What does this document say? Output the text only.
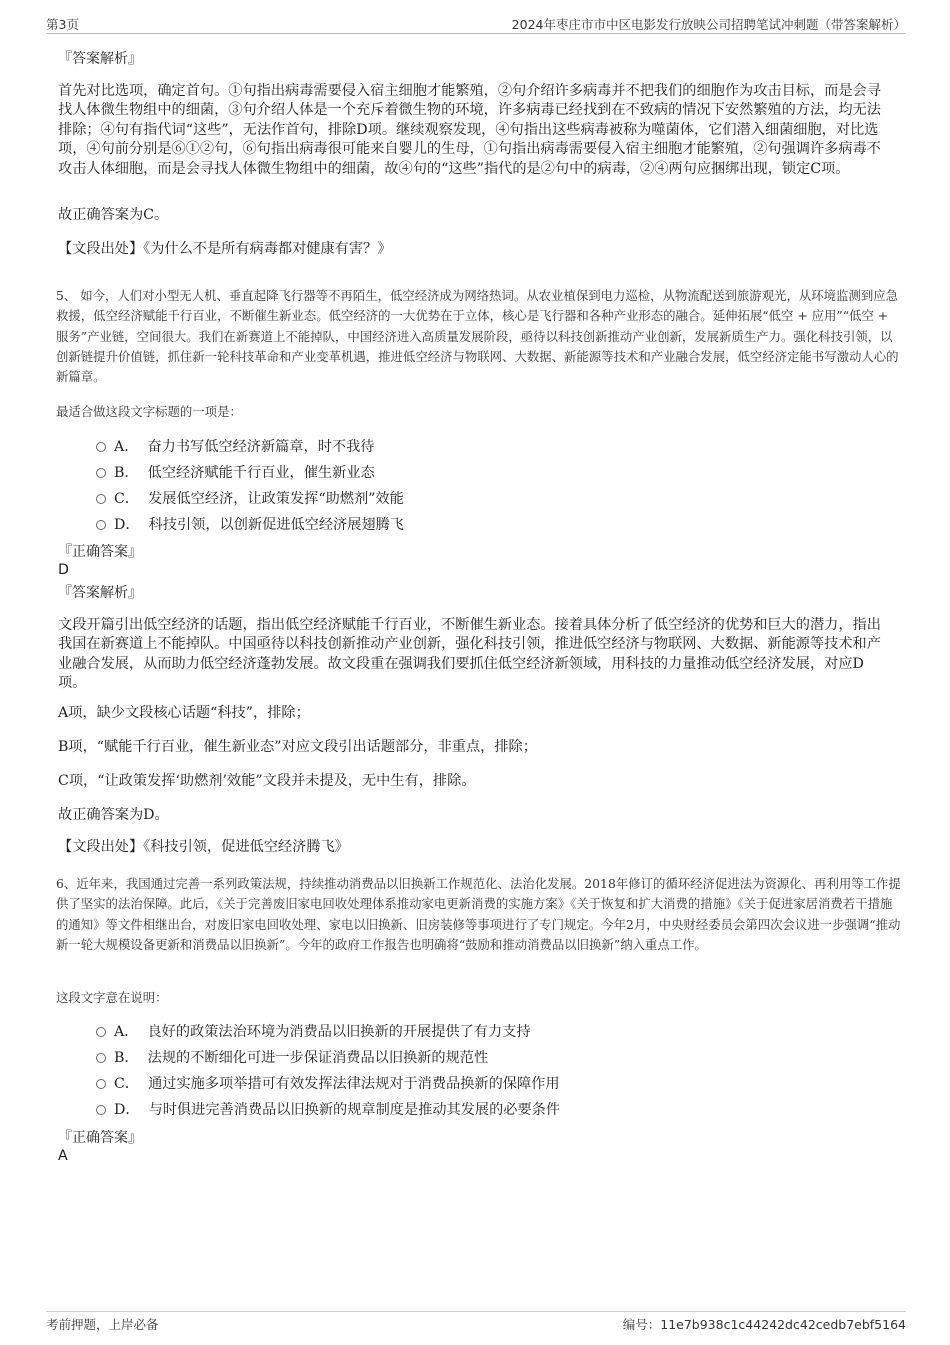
第3页	2024年枣庄市市中区电影发行放映公司招聘笔试冲刺题（带答案解析）
『答案解析』
首先对比选项，确定首句。①句指出病毒需要侵入宿主细胞才能繁殖，②句介绍许多病毒并不把我们的细胞作为攻击目标，而是会寻找人体微生物组中的细菌，③句介绍人体是一个充斥着微生物的环境，许多病毒已经找到在不致病的情况下安然繁殖的方法，均无法排除；④句有指代词“这些”，无法作首句，排除D项。继续观察发现，④句指出这些病毒被称为噬菌体，它们潜入细菌细胞，对比选项，④句前分别是⑥①②句，⑥句指出病毒很可能来自婴儿的生母，①句指出病毒需要侵入宿主细胞才能繁殖，②句强调许多病毒不攻击人体细胞，而是会寻找人体微生物组中的细菌，故④句的“这些”指代的是②句中的病毒，②④两句应捆绑出现，锁定C项。
故正确答案为C。
【文段出处】《为什么不是所有病毒都对健康有害？》
5、 如今，人们对小型无人机、垂直起降飞行器等不再陌生，低空经济成为网络热词。从农业植保到电力巡检，从物流配送到旅游观光，从环境监测到应急救援，低空经济赋能千行百业，不断催生新业态。低空经济的一大优势在于立体，核心是飞行器和各种产业形态的融合。延伸拓展“低空 + 应用”“低空 + 服务”产业链，空间很大。我们在新赛道上不能掉队，中国经济进入高质量发展阶段，亟待以科技创新推动产业创新，发展新质生产力。强化科技引领，以创新链提升价值链，抓住新一轮科技革命和产业变革机遇，推进低空经济与物联网、大数据、新能源等技术和产业融合发展，低空经济定能书写激动人心的新篇章。
最适合做这段文字标题的一项是：
A． 奋力书写低空经济新篇章，时不我待
B． 低空经济赋能千行百业，催生新业态
C． 发展低空经济，让政策发挥“助燃剂”效能
D． 科技引领，以创新促进低空经济展翅腾飞
『正确答案』
D
『答案解析』
文段开篇引出低空经济的话题，指出低空经济赋能千行百业，不断催生新业态。接着具体分析了低空经济的优势和巨大的潜力，指出我国在新赛道上不能掉队。中国亟待以科技创新推动产业创新，强化科技引领，推进低空经济与物联网、大数据、新能源等技术和产业融合发展，从而助力低空经济蓬勃发展。故文段重在强调我们要抓住低空经济新领域，用科技的力量推动低空经济发展，对应D项。
A项，缺少文段核心话题“科技”，排除；
B项，“赋能千行百业，催生新业态”对应文段引出话题部分，非重点，排除；
C项，“让政策发挥‘助燃剂’效能”文段并未提及，无中生有，排除。
故正确答案为D。
【文段出处】《科技引领，促进低空经济腾飞》
6、近年来，我国通过完善一系列政策法规，持续推动消费品以旧换新工作规范化、法治化发展。2018年修订的循环经济促进法为资源化、再利用等工作提供了坚实的法治保障。此后，《关于完善废旧家电回收处理体系推动家电更新消费的实施方案》《关于恢复和扩大消费的措施》《关于促进家居消费若干措施的通知》等文件相继出台，对废旧家电回收处理、家电以旧换新、旧房装修等事项进行了专门规定。今年2月，中央财经委员会第四次会议进一步强调“推动新一轮大规模设备更新和消费品以旧换新”。今年的政府工作报告也明确将“鼓励和推动消费品以旧换新”纳入重点工作。
这段文字意在说明：
A． 良好的政策法治环境为消费品以旧换新的开展提供了有力支持
B． 法规的不断细化可进一步保证消费品以旧换新的规范性
C． 通过实施多项举措可有效发挥法律法规对于消费品换新的保障作用
D． 与时俱进完善消费品以旧换新的规章制度是推动其发展的必要条件
『正确答案』
A
考前押题，上岸必备	编号：11e7b938c1c44242dc42cedb7ebf5164
